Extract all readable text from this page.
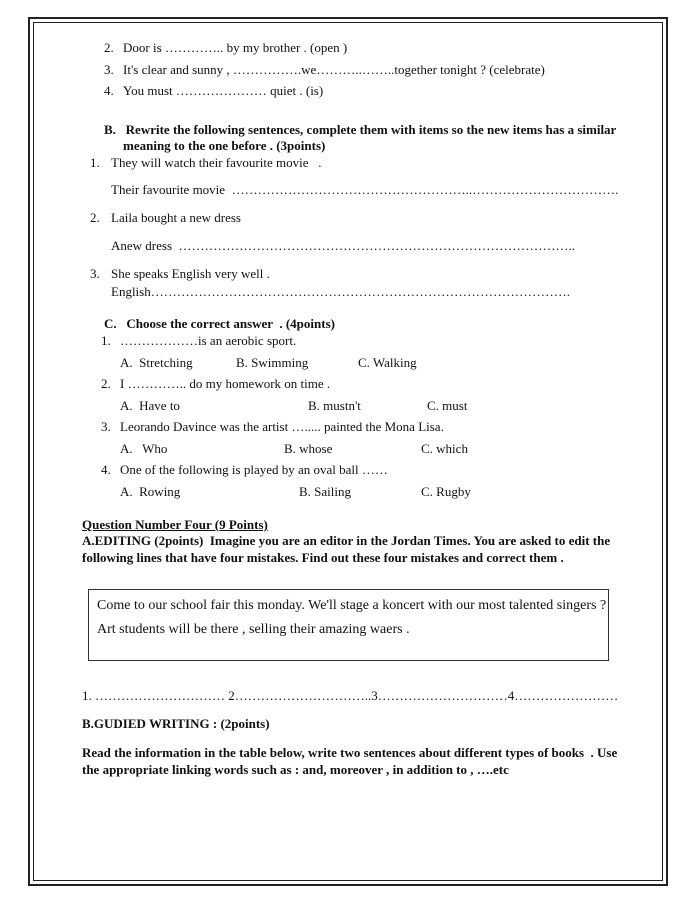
2. Door is ………….. by my brother . (open )
3. It's clear and sunny , …………….we………..……..together tonight ? (celebrate)
4. You must ………………… quiet . (is)
B.   Rewrite the following sentences, complete them with items so the new items has a similar
meaning to the one before . (3points)
1. They will watch their favourite movie   .
Their favourite movie  ………………………………………………..…………………………….
2. Laila bought a new dress
Anew dress  ………………………………………………………………………………..
3. She speaks English very well .
English…………………………………………………………………………………….
C.   Choose the correct answer  . (4points)
1. ………………is an aerobic sport.
A.  Stretching	B. Swimming	C. Walking
2. I ………….. do my homework on time .
A.  Have to	B. mustn't	C. must
3. Leorando Davince was the artist …..... painted the Mona Lisa.
A.   Who	B. whose	C. which
4. One of the following is played by an oval ball ……
A.  Rowing	B. Sailing	C. Rugby
Question Number Four (9 Points)
A.EDITING (2points)  Imagine you are an editor in the Jordan Times. You are asked to edit the
following lines that have four mistakes. Find out these four mistakes and correct them .
Come to our school fair this monday. We'll stage a koncert with our most talented singers ?
Art students will be there , selling their amazing waers .
1. ………………………… 2…………………………..3…………………………4……………………
B.GUDIED WRITING : (2points)
Read the information in the table below, write two sentences about different types of books  . Use
the appropriate linking words such as : and, moreover , in addition to , ….etc
